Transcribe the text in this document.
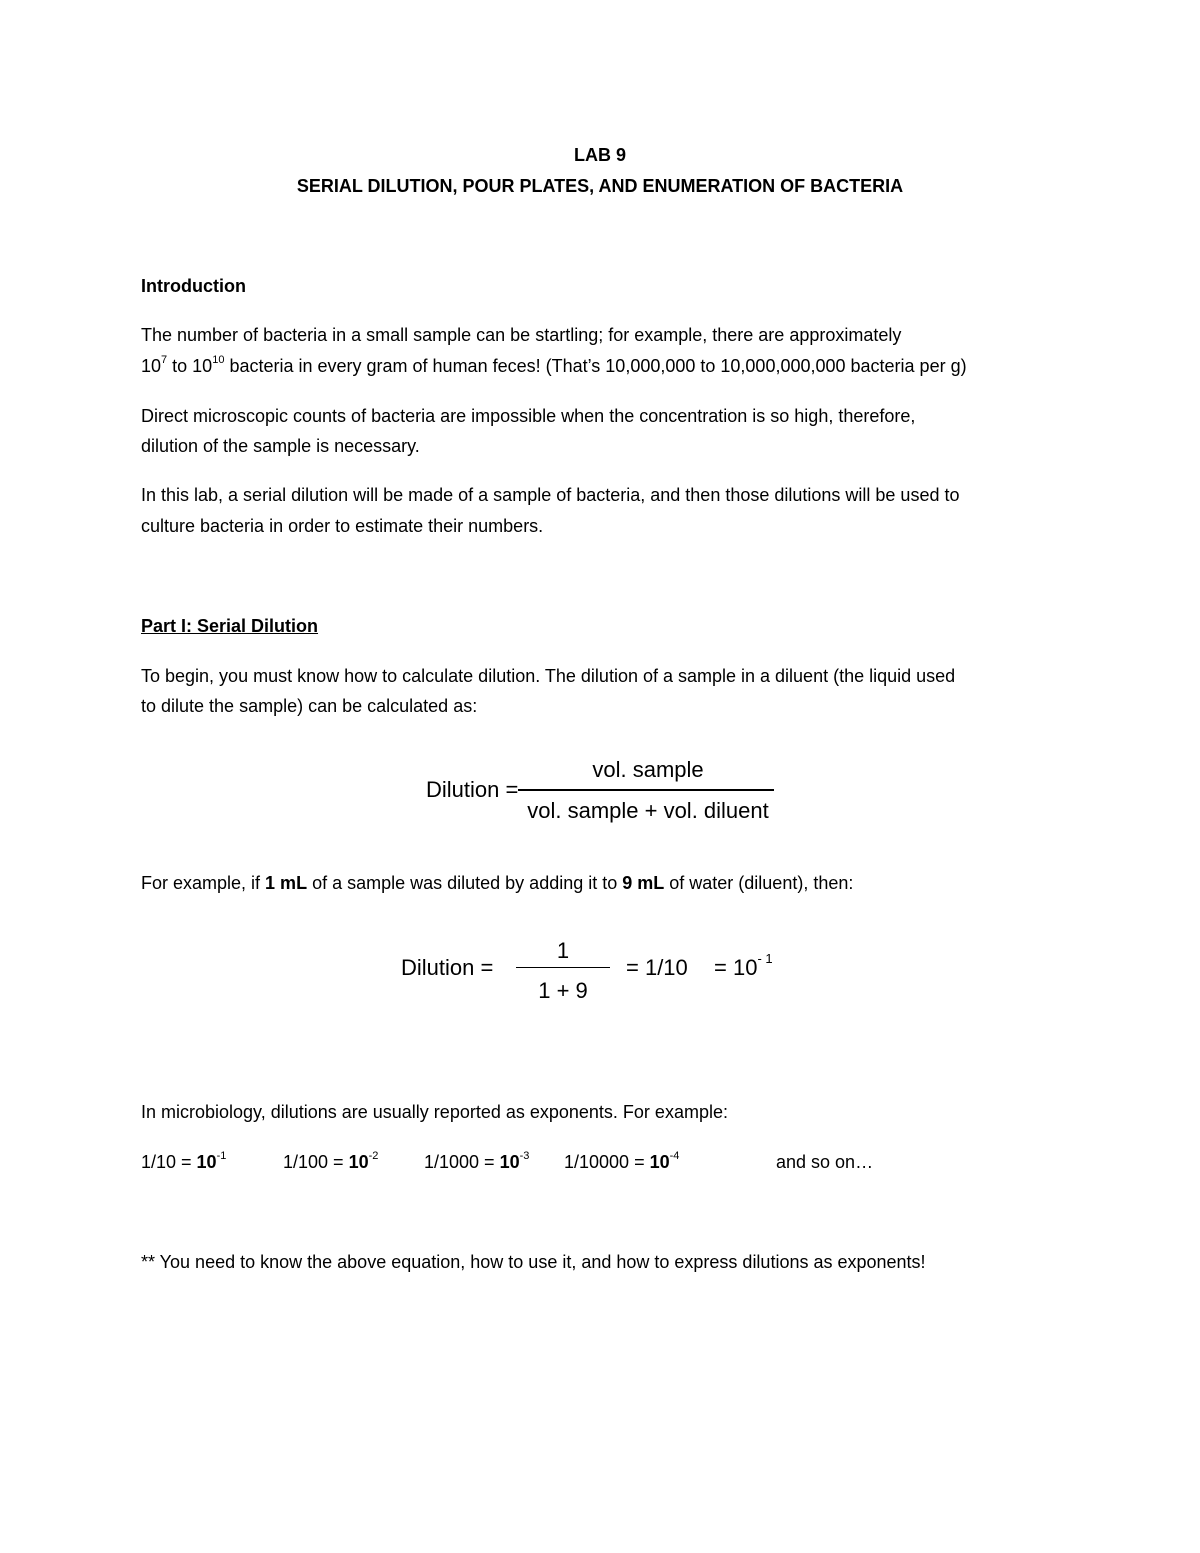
LAB 9
SERIAL DILUTION, POUR PLATES, AND ENUMERATION OF BACTERIA
Introduction
The number of bacteria in a small sample can be startling; for example, there are approximately
$10^7$ to $10^{10}$ bacteria in every gram of human feces! (That’s 10,000,000 to 10,000,000,000 bacteria per g)
Direct microscopic counts of bacteria are impossible when the concentration is so high, therefore,
dilution of the sample is necessary.
In this lab, a serial dilution will be made of a sample of bacteria, and then those dilutions will be used to
culture bacteria in order to estimate their numbers.
Part I: Serial Dilution
To begin, you must know how to calculate dilution. The dilution of a sample in a diluent (the liquid used
to dilute the sample) can be calculated as:
Dilution =
vol. sample
vol. sample + vol. diluent
For example, if 1 mL of a sample was diluted by adding it to 9 mL of water (diluent), then:
Dilution =
1
1 + 9
= $1/10 = 10^{- 1}$
In microbiology, dilutions are usually reported as exponents. For example:
$1/10 = 10^{-1}$	$1/100 = 10^{-2}$	$1/1000 = 10^{-3}$ $1/10000 = 10^{-4}$	and so on…
** You need to know the above equation, how to use it, and how to express dilutions as exponents!
